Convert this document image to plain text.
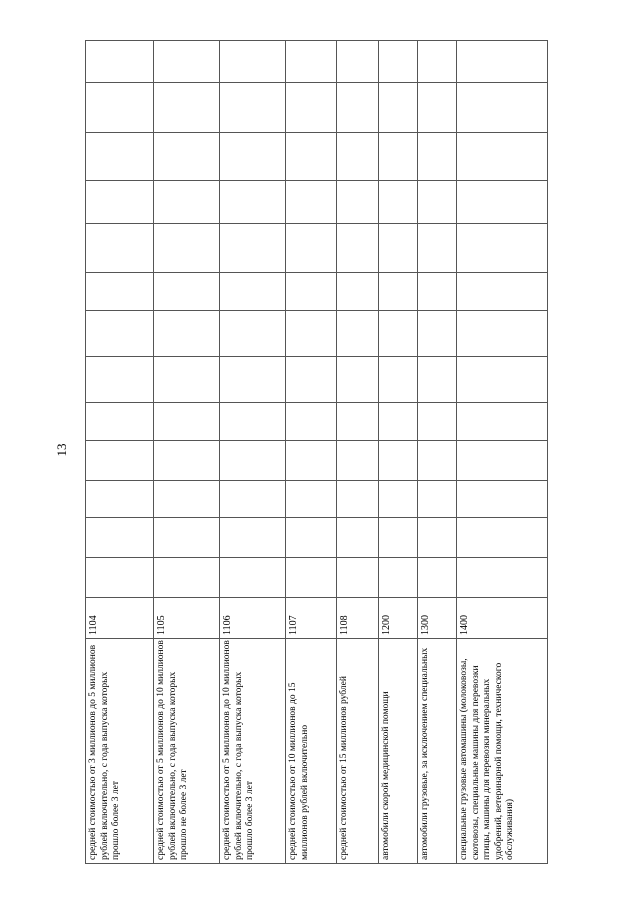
13
средней стоимостью от 3 миллионов до 5 миллионов рублей включительно, с года выпуска которых прошло более 3 лет
1104
средней стоимостью от 5 миллионов до 10 миллионов рублей включительно, с года выпуска которых прошло не более 3 лет
1105
средней стоимостью от 5 миллионов до 10 миллионов рублей включительно, с года выпуска которых прошло более 3 лет
1106
средней стоимостью от 10 миллионов до 15 миллионов рублей включительно
1107
средней стоимостью от 15 миллионов рублей
1108
автомобили скорой медицинской помощи
1200
автомобили грузовые, за исключением специальных
1300
специальные грузовые автомашины (молоковозы, скотовозы, специальные машины для перевозки птицы, машины для перевозки минеральных удобрений, ветеринарной помощи, технического обслуживания)
1400
